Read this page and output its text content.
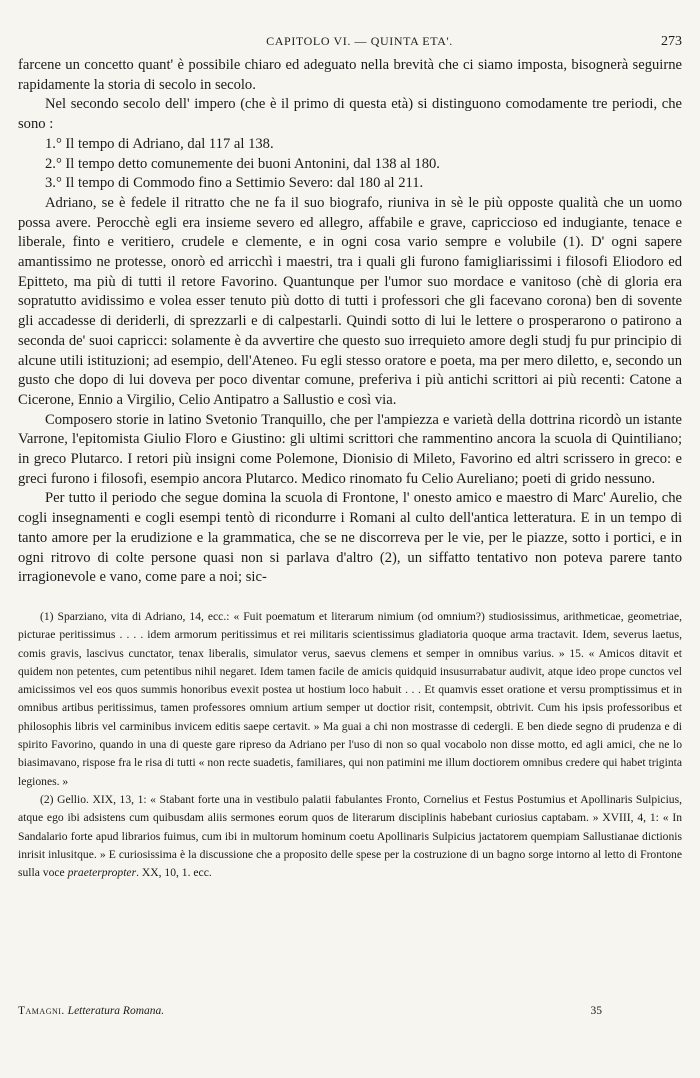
CAPITOLO VI. — QUINTA ETA'.	273

farcene un concetto quant' è possibile chiaro ed adeguato nella brevità che ci siamo imposta, bisognerà seguirne rapidamente la storia di secolo in secolo.

Nel secondo secolo dell' impero (che è il primo di questa età) si distinguono comodamente tre periodi, che sono :

1.° Il tempo di Adriano, dal 117 al 138.

2.° Il tempo detto comunemente dei buoni Antonini, dal 138 al 180.

3.° Il tempo di Commodo fino a Settimio Severo: dal 180 al 211.

Adriano, se è fedele il ritratto che ne fa il suo biografo, riuniva in sè le più opposte qualità che un uomo possa avere. Perocchè egli era insieme severo ed allegro, affabile e grave, capriccioso ed indugiante, tenace e liberale, finto e veritiero, crudele e clemente, e in ogni cosa vario sempre e volubile (1). D' ogni sapere amantissimo ne protesse, onorò ed arricchì i maestri, tra i quali gli furono famigliarissimi i filosofi Eliodoro ed Epitteto, ma più di tutti il retore Favorino. Quantunque per l'umor suo mordace e vanitoso (chè di gloria era sopratutto avidissimo e volea esser tenuto più dotto di tutti i professori che gli facevano corona) ben di sovente gli accadesse di deriderli, di sprezzarli e di calpestarli. Quindi sotto di lui le lettere o prosperarono o patirono a seconda de' suoi capricci: solamente è da avvertire che questo suo irrequieto amore degli studj fu pur principio di alcune utili istituzioni; ad esempio, dell'Ateneo. Fu egli stesso oratore e poeta, ma per mero diletto, e, secondo un gusto che dopo di lui doveva per poco diventar comune, preferiva i più antichi scrittori ai più recenti: Catone a Cicerone, Ennio a Virgilio, Celio Antipatro a Sallustio e così via.

Composero storie in latino Svetonio Tranquillo, che per l'ampiezza e varietà della dottrina ricordò un istante Varrone, l'epitomista Giulio Floro e Giustino: gli ultimi scrittori che rammentino ancora la scuola di Quintiliano; in greco Plutarco. I retori più insigni come Polemone, Dionisio di Mileto, Favorino ed altri scrissero in greco: e greci furono i filosofi, esempio ancora Plutarco. Medico rinomato fu Celio Aureliano; poeti di grido nessuno.

Per tutto il periodo che segue domina la scuola di Frontone, l' onesto amico e maestro di Marc' Aurelio, che cogli insegnamenti e cogli esempi tentò di ricondurre i Romani al culto dell'antica letteratura. E in un tempo di tanto amore per la erudizione e la grammatica, che se ne discorreva per le vie, per le piazze, sotto i portici, e in ogni ritrovo di colte persone quasi non si parlava d'altro (2), un siffatto tentativo non poteva parere tanto irragionevole e vano, come pare a noi; sic-

(1) Sparziano, vita di Adriano, 14, ecc.: « Fuit poematum et literarum nimium (od omnium?) studiosissimus, arithmeticae, geometriae, picturae peritissimus . . . . idem armorum peritissimus et rei militaris scientissimus gladiatoria quoque arma tractavit. Idem, severus laetus, comis gravis, lascivus cunctator, tenax liberalis, simulator verus, saevus clemens et semper in omnibus varius. » 15. « Amicos ditavit et quidem non petentes, cum petentibus nihil negaret. Idem tamen facile de amicis quidquid insusurrabatur audivit, atque ideo prope cunctos vel amicissimos vel eos quos summis honoribus evexit postea ut hostium loco habuit . . . Et quamvis esset oratione et versu promptissimus et in omnibus artibus peritissimus, tamen professores omnium artium semper ut doctior risit, contempsit, obtrivit. Cum his ipsis professoribus et philosophis libris vel carminibus invicem editis saepe certavit. » Ma guai a chi non mostrasse di cedergli. E ben diede segno di prudenza e di spirito Favorino, quando in una di queste gare ripreso da Adriano per l'uso di non so qual vocabolo non disse motto, ed agli amici, che ne lo biasimavano, rispose fra le risa di tutti « non recte suadetis, familiares, qui non patimini me illum doctiorem omnibus credere qui habet triginta legiones. »

(2) Gellio. XIX, 13, 1: « Stabant forte una in vestibulo palatii fabulantes Fronto, Cornelius et Festus Postumius et Apollinaris Sulpicius, atque ego ibi adsistens cum quibusdam aliis sermones eorum quos de literarum disciplinis habebant curiosius captabam. » XVIII, 4, 1: « In Sandalario forte apud librarios fuimus, cum ibi in multorum hominum coetu Apollinaris Sulpicius jactatorem quempiam Sallustianae dictionis inrisit inlusitque. » E curiosissima è la discussione che a proposito delle spese per la costruzione di un bagno sorge intorno al letto di Frontone sulla voce praeterpropter. XX, 10, 1. ecc.

Tamagni. Letteratura Romana.	35
